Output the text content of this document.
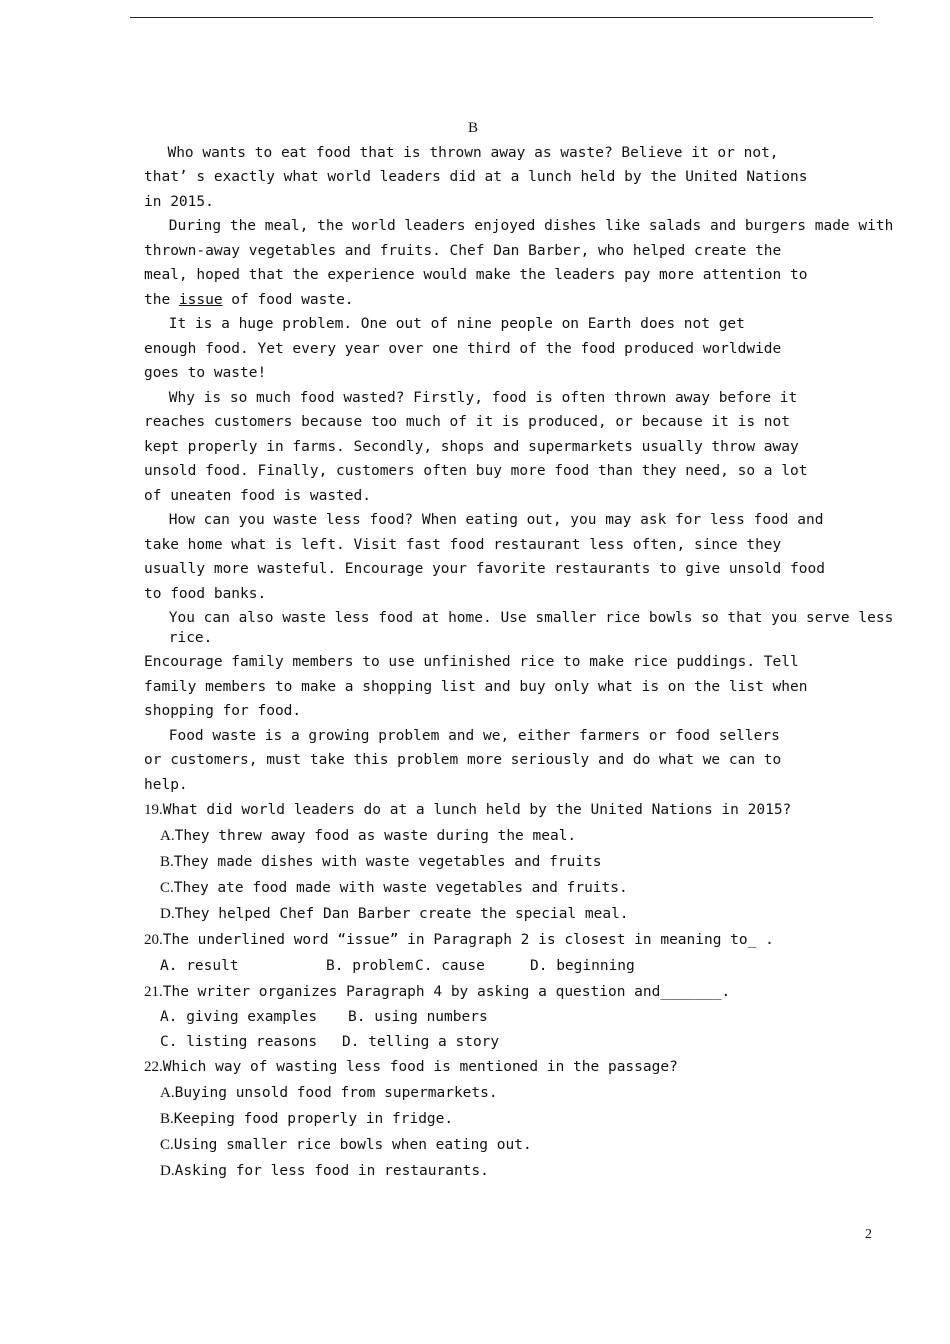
B
Who wants to eat food that is thrown away as waste? Believe it or not,
that’ s exactly what world leaders did at a lunch held by the United Nations
in 2015.
During the meal, the world leaders enjoyed dishes like salads and burgers made with
thrown-away vegetables and fruits. Chef Dan Barber, who helped create the
meal, hoped that the experience would make the leaders pay more attention to
the issue of food waste.
It is a huge problem. One out of nine people on Earth does not get
enough food. Yet every year over one third of the food produced worldwide
goes to waste!
Why is so much food wasted? Firstly, food is often thrown away before it
reaches customers because too much of it is produced, or because it is not
kept properly in farms. Secondly, shops and supermarkets usually throw away
unsold food. Finally, customers often buy more food than they need, so a lot
of uneaten food is wasted.
How can you waste less food? When eating out, you may ask for less food and
take home what is left. Visit fast food restaurant less often, since they
usually more wasteful. Encourage your favorite restaurants to give unsold food
to food banks.
You can also waste less food at home. Use smaller rice bowls so that you serve less
rice.
Encourage family members to use unfinished rice to make rice puddings. Tell
family members to make a shopping list and buy only what is on the list when
shopping for food.
Food waste is a growing problem and we, either farmers or food sellers
or customers, must take this problem more seriously and do what we can to
help.
19.What did world leaders do at a lunch held by the United Nations in 2015?
A.They threw away food as waste during the meal.
B.They made dishes with waste vegetables and fruits
C.They ate food made with waste vegetables and fruits.
D.They helped Chef Dan Barber create the special meal.
20.The underlined word “issue” in Paragraph 2 is closest in meaning to_ .
A. result	B. problem C. cause	D. beginning
21.The writer organizes Paragraph 4 by asking a question and_______.
A. giving examples B. using numbers
C. listing reasons D. telling a story
22.Which way of wasting less food is mentioned in the passage?
A.Buying unsold food from supermarkets.
B.Keeping food properly in fridge.
C.Using smaller rice bowls when eating out.
D.Asking for less food in restaurants.
2
